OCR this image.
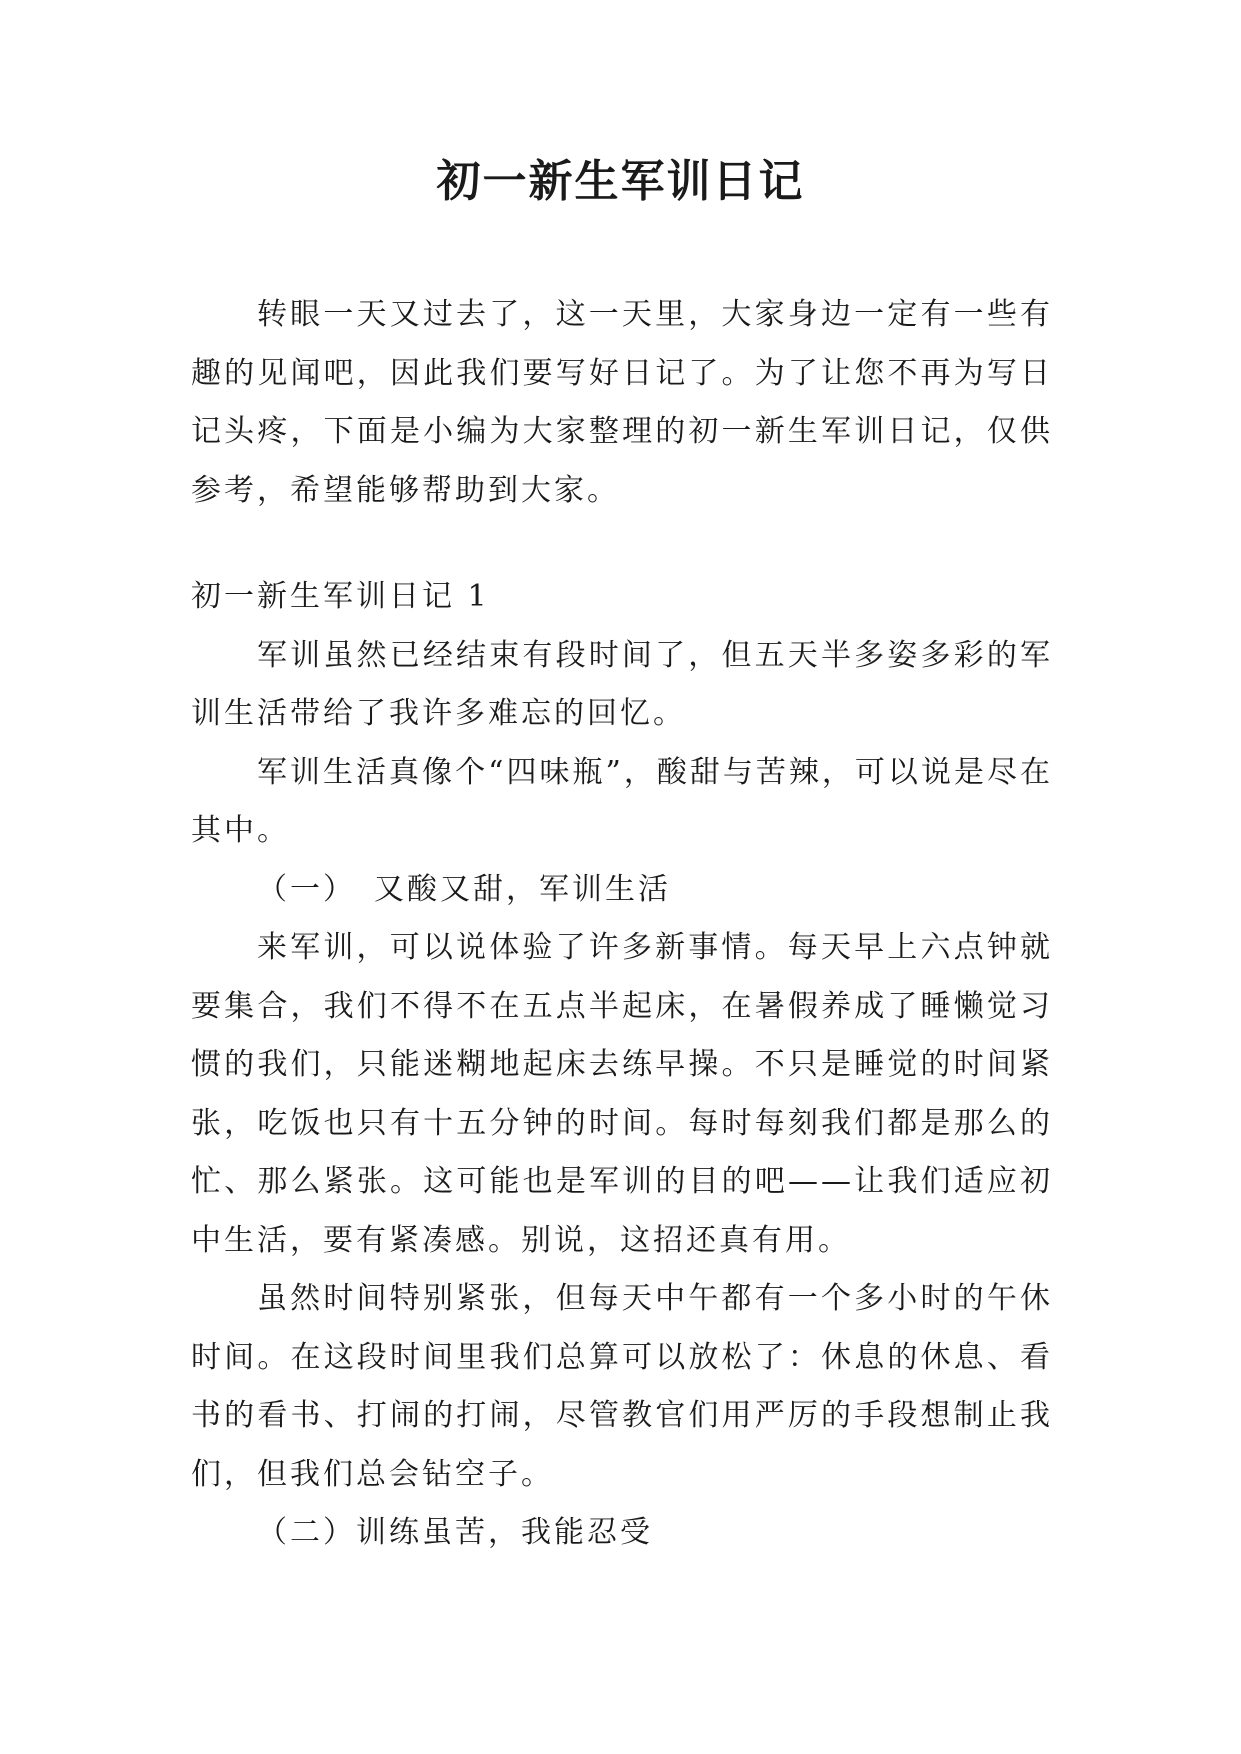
初一新生军训日记

转眼一天又过去了，这一天里，大家身边一定有一些有趣的见闻吧，因此我们要写好日记了。为了让您不再为写日记头疼，下面是小编为大家整理的初一新生军训日记，仅供参考，希望能够帮助到大家。

初一新生军训日记 1

军训虽然已经结束有段时间了，但五天半多姿多彩的军训生活带给了我许多难忘的回忆。

军训生活真像个“四味瓶”，酸甜与苦辣，可以说是尽在其中。

（一）　又酸又甜，军训生活

来军训，可以说体验了许多新事情。每天早上六点钟就要集合，我们不得不在五点半起床，在暑假养成了睡懒觉习惯的我们，只能迷糊地起床去练早操。不只是睡觉的时间紧张，吃饭也只有十五分钟的时间。每时每刻我们都是那么的忙、那么紧张。这可能也是军训的目的吧——让我们适应初中生活，要有紧凑感。别说，这招还真有用。

虽然时间特别紧张，但每天中午都有一个多小时的午休时间。在这段时间里我们总算可以放松了：休息的休息、看书的看书、打闹的打闹，尽管教官们用严厉的手段想制止我们，但我们总会钻空子。

（二）训练虽苦，我能忍受
